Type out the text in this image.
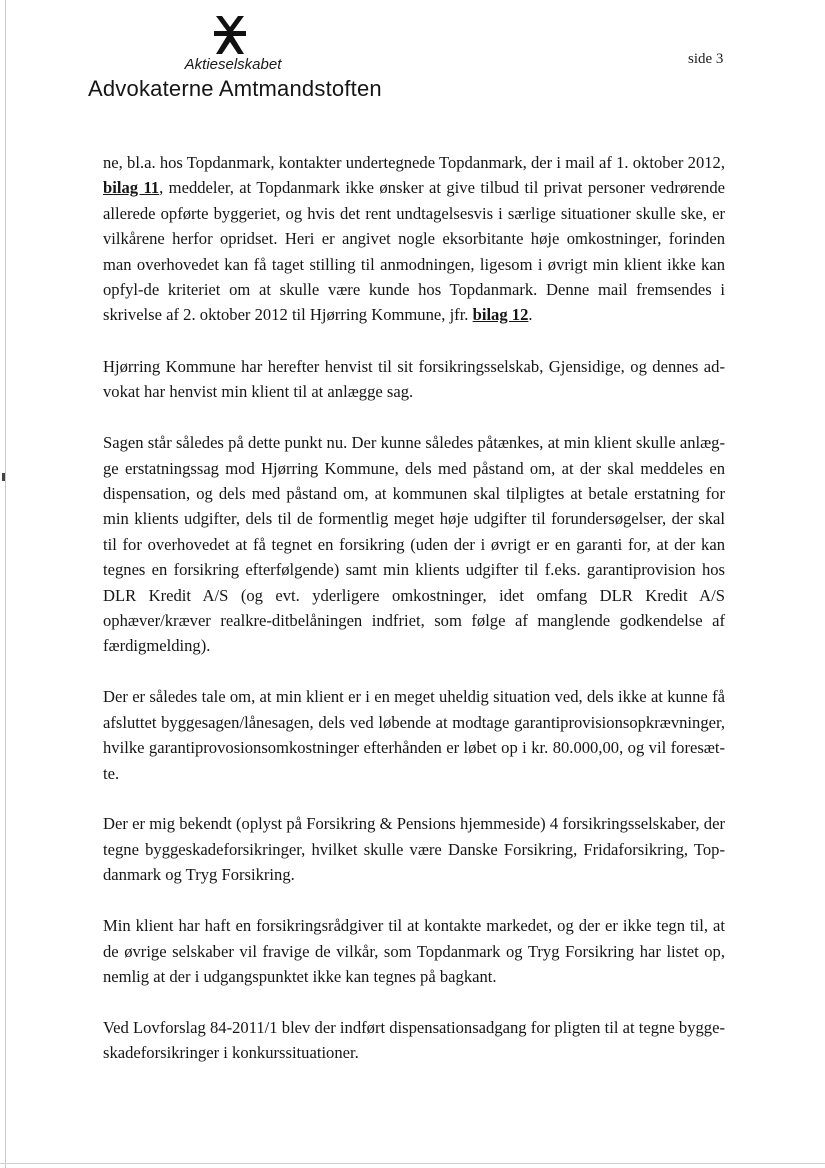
Aktieselskabet
Advokaterne Amtmandstoften
side 3

ne, bl.a. hos Topdanmark, kontakter undertegnede Topdanmark, der i mail af 1. oktober 2012, bilag 11, meddeler, at Topdanmark ikke ønsker at give tilbud til privat personer vedrørende allerede opførte byggeriet, og hvis det rent undtagelsesvis i særlige situationer skulle ske, er vilkårene herfor opridset. Heri er angivet nogle eksorbitante høje omkostninger, forinden man overhovedet kan få taget stilling til anmodningen, ligesom i øvrigt min klient ikke kan opfyl-de kriteriet om at skulle være kunde hos Topdanmark. Denne mail fremsendes i skrivelse af 2. oktober 2012 til Hjørring Kommune, jfr. bilag 12.

Hjørring Kommune har herefter henvist til sit forsikringsselskab, Gjensidige, og dennes ad-vokat har henvist min klient til at anlægge sag.

Sagen står således på dette punkt nu. Der kunne således påtænkes, at min klient skulle anlæg-ge erstatningssag mod Hjørring Kommune, dels med påstand om, at der skal meddeles en dispensation, og dels med påstand om, at kommunen skal tilpligtes at betale erstatning for min klients udgifter, dels til de formentlig meget høje udgifter til forundersøgelser, der skal til for overhovedet at få tegnet en forsikring (uden der i øvrigt er en garanti for, at der kan tegnes en forsikring efterfølgende) samt min klients udgifter til f.eks. garantiprovision hos DLR Kredit A/S (og evt. yderligere omkostninger, idet omfang DLR Kredit A/S ophæver/kræver realkre-ditbelåningen indfriet, som følge af manglende godkendelse af færdigmelding).

Der er således tale om, at min klient er i en meget uheldig situation ved, dels ikke at kunne få afsluttet byggesagen/lånesagen, dels ved løbende at modtage garantiprovisionsopkrævninger, hvilke garantiprovosionsomkostninger efterhånden er løbet op i kr. 80.000,00, og vil foresæt-te.

Der er mig bekendt (oplyst på Forsikring & Pensions hjemmeside) 4 forsikringsselskaber, der tegne byggeskadeforsikringer, hvilket skulle være Danske Forsikring, Fridaforsikring, Top-danmark og Tryg Forsikring.

Min klient har haft en forsikringsrådgiver til at kontakte markedet, og der er ikke tegn til, at de øvrige selskaber vil fravige de vilkår, som Topdanmark og Tryg Forsikring har listet op, nemlig at der i udgangspunktet ikke kan tegnes på bagkant.

Ved Lovforslag 84-2011/1 blev der indført dispensationsadgang for pligten til at tegne bygge-skadeforsikringer i konkurssituationer.
